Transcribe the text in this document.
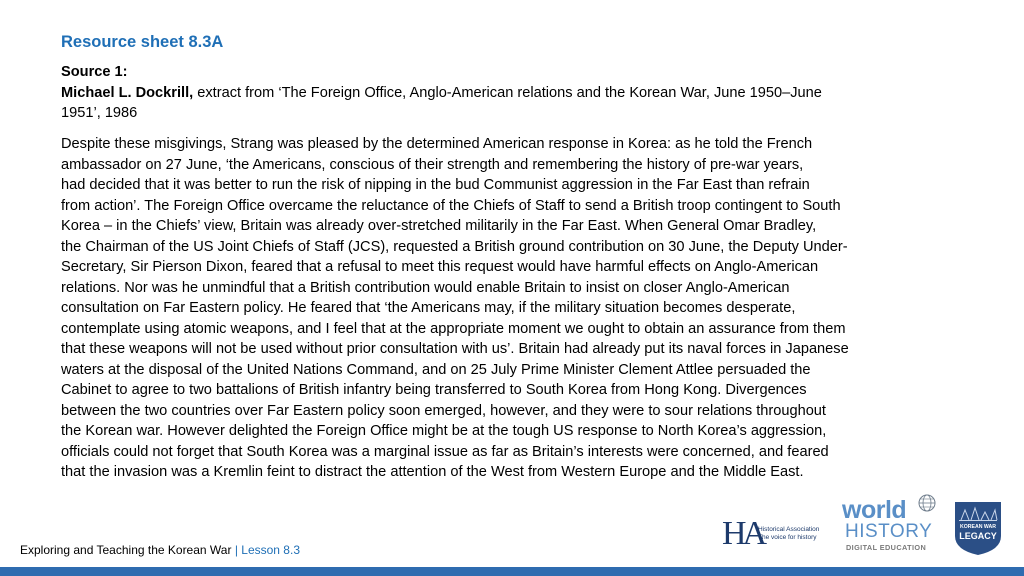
Resource sheet 8.3A
Source 1:
Michael L. Dockrill, extract from ‘The Foreign Office, Anglo-American relations and the Korean War, June 1950–June
1951’, 1986
Despite these misgivings, Strang was pleased by the determined American response in Korea: as he told the French
ambassador on 27 June, ‘the Americans, conscious of their strength and remembering the history of pre-war years,
had decided that it was better to run the risk of nipping in the bud Communist aggression in the Far East than refrain
from action’. The Foreign Office overcame the reluctance of the Chiefs of Staff to send a British troop contingent to South
Korea – in the Chiefs’ view, Britain was already over-stretched militarily in the Far East. When General Omar Bradley,
the Chairman of the US Joint Chiefs of Staff (JCS), requested a British ground contribution on 30 June, the Deputy Under-
Secretary, Sir Pierson Dixon, feared that a refusal to meet this request would have harmful effects on Anglo-American
relations. Nor was he unmindful that a British contribution would enable Britain to insist on closer Anglo-American
consultation on Far Eastern policy. He feared that ‘the Americans may, if the military situation becomes desperate,
contemplate using atomic weapons, and I feel that at the appropriate moment we ought to obtain an assurance from them
that these weapons will not be used without prior consultation with us’. Britain had already put its naval forces in Japanese
waters at the disposal of the United Nations Command, and on 25 July Prime Minister Clement Attlee persuaded the
Cabinet to agree to two battalions of British infantry being transferred to South Korea from Hong Kong. Divergences
between the two countries over Far Eastern policy soon emerged, however, and they were to sour relations throughout
the Korean war. However delighted the Foreign Office might be at the tough US response to North Korea’s aggression,
officials could not forget that South Korea was a marginal issue as far as Britain’s interests were concerned, and feared
that the invasion was a Kremlin feint to distract the attention of the West from Western Europe and the Middle East.
Exploring and Teaching the Korean War | Lesson 8.3	HA
Historical Association
The voice for history
world
HISTORY
DIGITAL EDUCATION
KOREAN WAR
LEGACY
